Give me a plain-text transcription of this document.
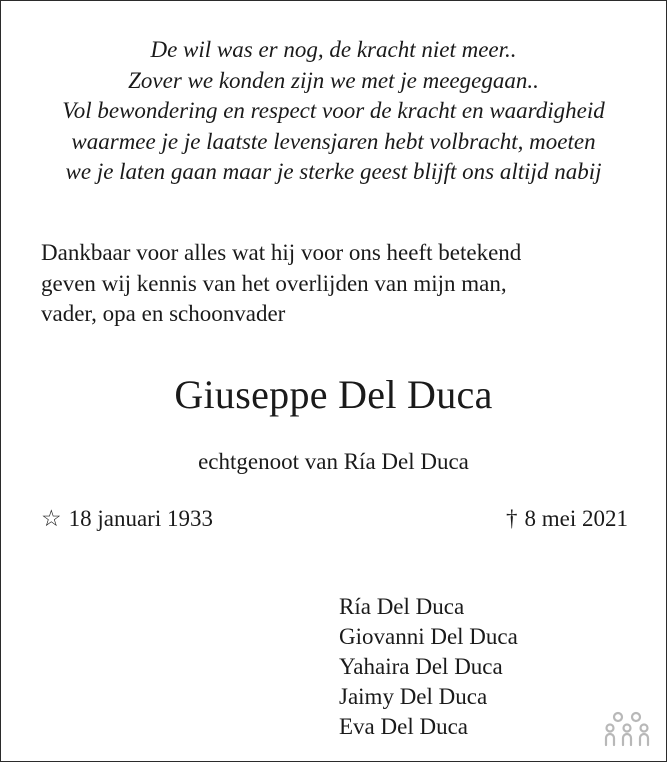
De wil was er nog, de kracht niet meer..
Zover we konden zijn we met je meegegaan..
Vol bewondering en respect voor de kracht en waardigheid
waarmee je je laatste levensjaren hebt volbracht, moeten
we je laten gaan maar je sterke geest blijft ons altijd nabij
Dankbaar voor alles wat hij voor ons heeft betekend
geven wij kennis van het overlijden van mijn man,
vader, opa en schoonvader
Giuseppe Del Duca
echtgenoot van Ría Del Duca
☆ 18 januari 1933	† 8 mei 2021
Ría Del Duca
Giovanni Del Duca
Yahaira Del Duca
Jaimy Del Duca
Eva Del Duca
